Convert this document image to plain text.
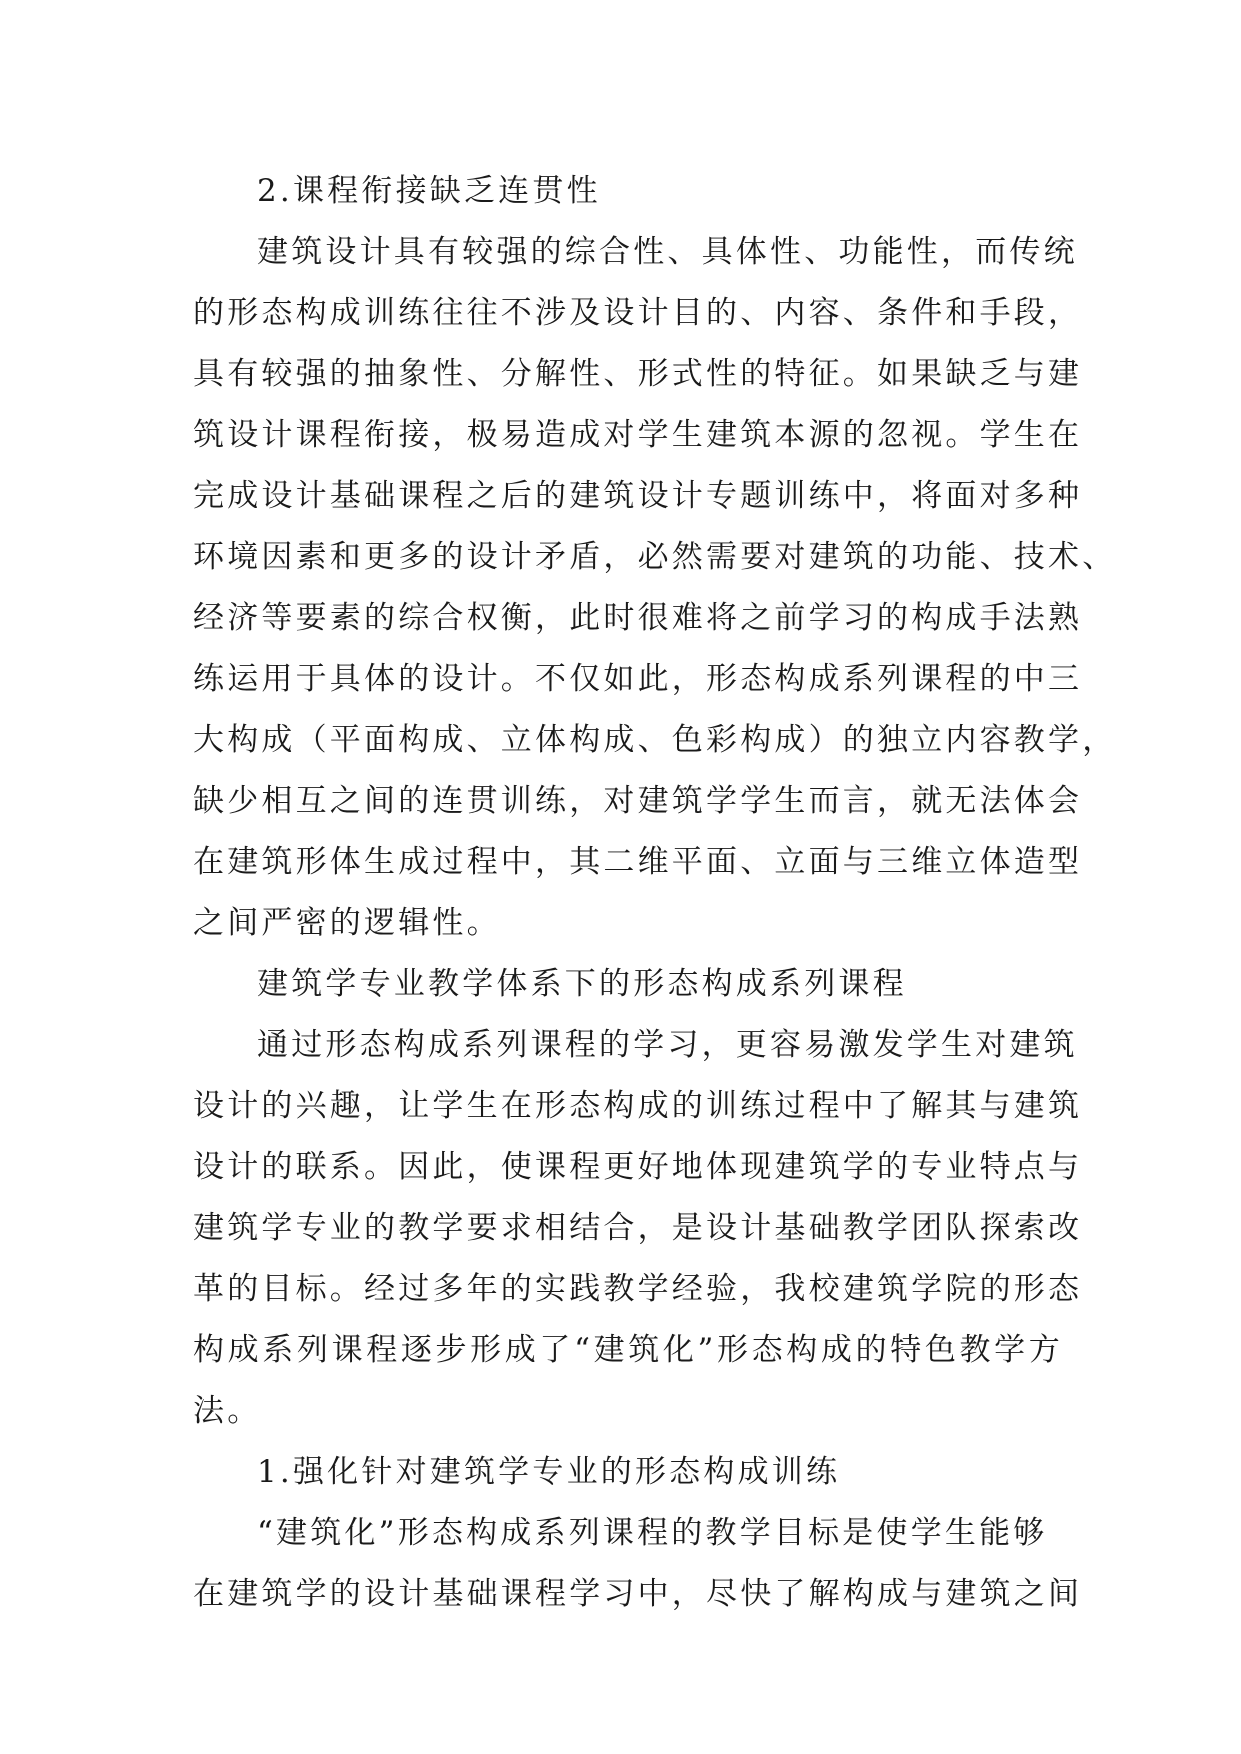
2.课程衔接缺乏连贯性
建筑设计具有较强的综合性、具体性、功能性，而传统
的形态构成训练往往不涉及设计目的、内容、条件和手段，
具有较强的抽象性、分解性、形式性的特征。如果缺乏与建
筑设计课程衔接，极易造成对学生建筑本源的忽视。学生在
完成设计基础课程之后的建筑设计专题训练中，将面对多种
环境因素和更多的设计矛盾，必然需要对建筑的功能、技术、
经济等要素的综合权衡，此时很难将之前学习的构成手法熟
练运用于具体的设计。不仅如此，形态构成系列课程的中三
大构成（平面构成、立体构成、色彩构成）的独立内容教学，
缺少相互之间的连贯训练，对建筑学学生而言，就无法体会
在建筑形体生成过程中，其二维平面、立面与三维立体造型
之间严密的逻辑性。
建筑学专业教学体系下的形态构成系列课程
通过形态构成系列课程的学习，更容易激发学生对建筑
设计的兴趣，让学生在形态构成的训练过程中了解其与建筑
设计的联系。因此，使课程更好地体现建筑学的专业特点与
建筑学专业的教学要求相结合，是设计基础教学团队探索改
革的目标。经过多年的实践教学经验，我校建筑学院的形态
构成系列课程逐步形成了“建筑化”形态构成的特色教学方
法。
1.强化针对建筑学专业的形态构成训练
“建筑化”形态构成系列课程的教学目标是使学生能够
在建筑学的设计基础课程学习中，尽快了解构成与建筑之间
